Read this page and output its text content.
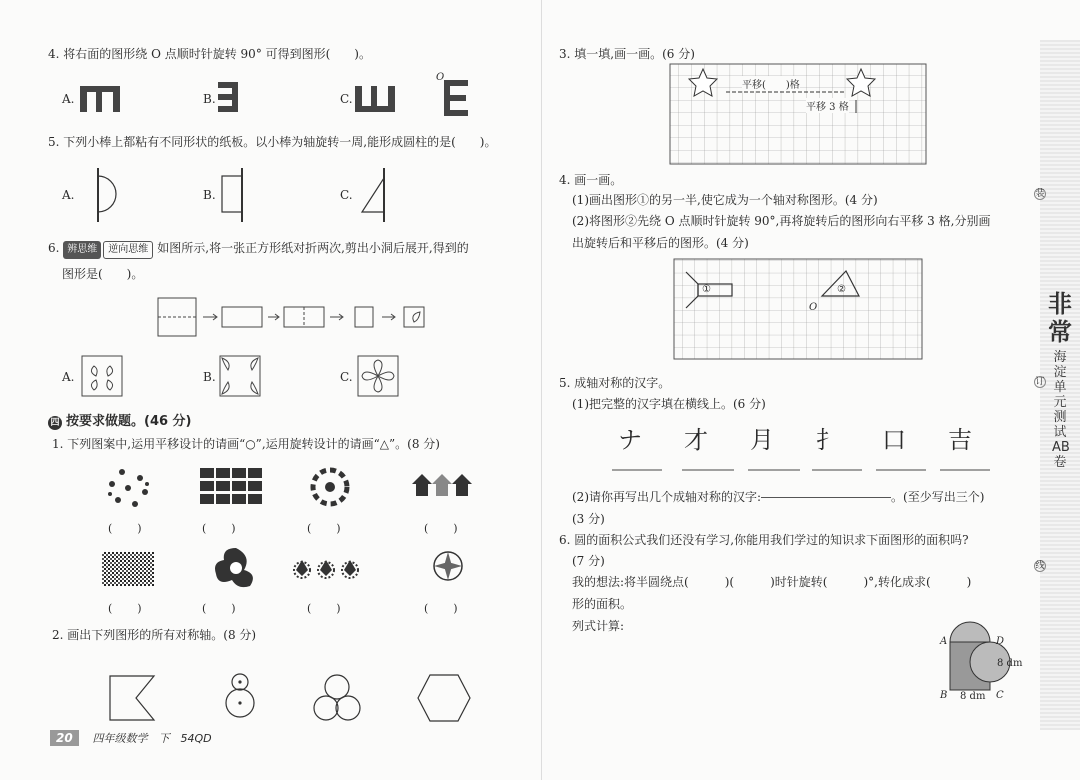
4. 将右面的图形绕 O 点顺时针旋转 90° 可得到图形(　　)。
A.	B.	C.
O
5. 下列小棒上都粘有不同形状的纸板。以小棒为轴旋转一周,能形成圆柱的是(　　)。
A.	B.	C.
6. 辨思维 逆向思维 如图所示,将一张正方形纸对折两次,剪出小洞后展开,得到的
图形是(　　)。
A.	B.	C.
四 按要求做题。(46 分)
1. 下列图案中,运用平移设计的请画“○”,运用旋转设计的请画“△”。(8 分)
(　　)	(　　)	(　　)	(　　)
(　　)	(　　)	(　　)	(　　)
2. 画出下列图形的所有对称轴。(8 分)
20 四年级数学　下　54QD
3. 填一填,画一画。(6 分)
平移(　　)格
平移 3 格
4. 画一画。
(1)画出图形①的另一半,使它成为一个轴对称图形。(4 分)
(2)将图形②先绕 O 点顺时针旋转 90°,再将旋转后的图形向右平移 3 格,分别画
出旋转后和平移后的图形。(4 分)
①	②
O
5. 成轴对称的汉字。
(1)把完整的汉字填在横线上。(6 分)
ナ 才 月 扌 口 吉
(2)请你再写出几个成轴对称的汉字:	。(至少写出三个)
(3 分)
6. 圆的面积公式我们还没有学习,你能用我们学过的知识求下面图形的面积吗?
(7 分)
我的想法:将半圆绕点(　　　)(　　　)时针旋转(　　　)°,转化成求(　　　)
形的面积。
列式计算:
A	D
B	C
8 dm
8 dm
非常
海淀单元测试AB卷
装
订
线
